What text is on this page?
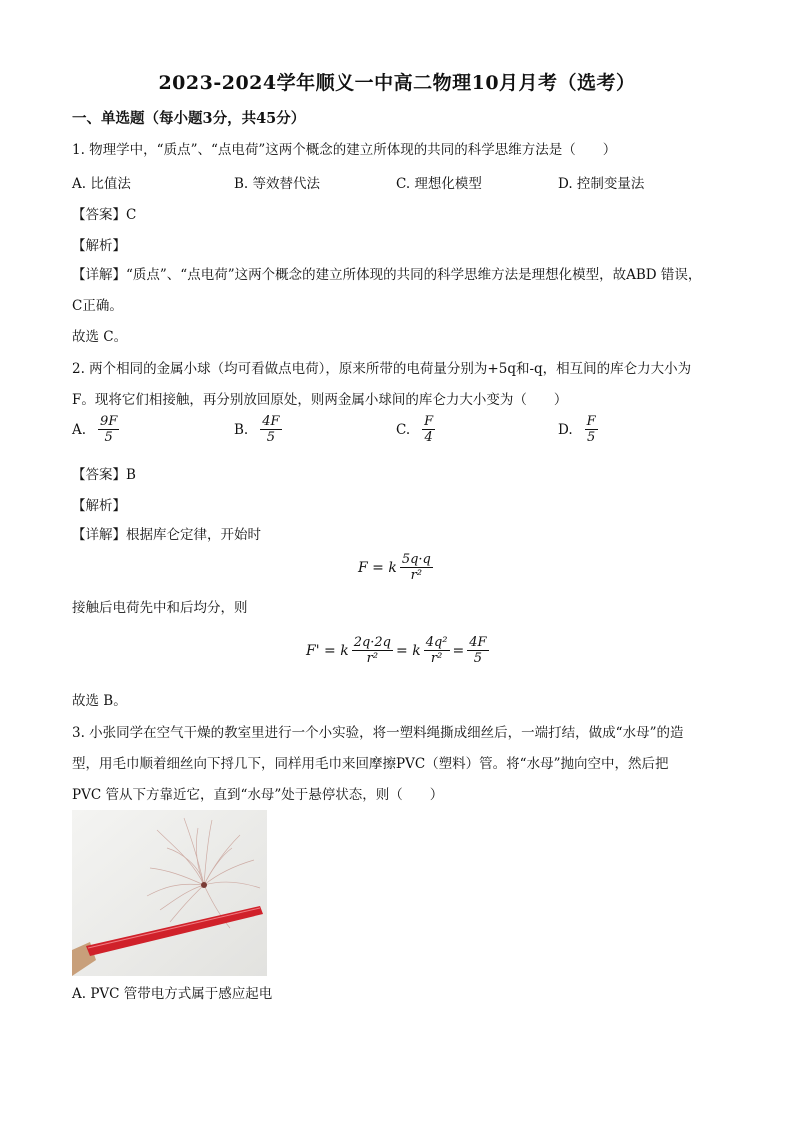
2023-2024学年顺义一中高二物理10月月考（选考）
一、单选题（每小题3分，共45分）
1. 物理学中，“质点”、“点电荷”这两个概念的建立所体现的共同的科学思维方法是（　　）
A. 比值法	B. 等效替代法	C. 理想化模型	D. 控制变量法
【答案】C
【解析】
【详解】“质点”、“点电荷”这两个概念的建立所体现的共同的科学思维方法是理想化模型，故ABD 错误，
C正确。
故选 C。
2. 两个相同的金属小球（均可看做点电荷），原来所带的电荷量分别为+5q和-q，相互间的库仑力大小为
F。现将它们相接触，再分别放回原处，则两金属小球间的库仑力大小变为（　　）
A. $\frac{9F}{5}$	B. $\frac{4F}{5}$	C. $\frac{F}{4}$	D. $\frac{F}{5}$
【答案】B
【解析】
【详解】根据库仑定律，开始时
F = k $\frac{5q\cdot q}{\text{r²}}$
接触后电荷先中和后均分，则
F' = k $\frac{2q\cdot 2q}{\text{r²}} = k \frac{\text{4q²}}{\text{r²}} = \frac{4F}{5}$
故选 B。
3. 小张同学在空气干燥的教室里进行一个小实验，将一塑料绳撕成细丝后，一端打结，做成“水母”的造
型，用毛巾顺着细丝向下捋几下，同样用毛巾来回摩擦PVC（塑料）管。将“水母”抛向空中，然后把
PVC 管从下方靠近它，直到“水母”处于悬停状态，则（　　）
A. PVC 管带电方式属于感应起电
